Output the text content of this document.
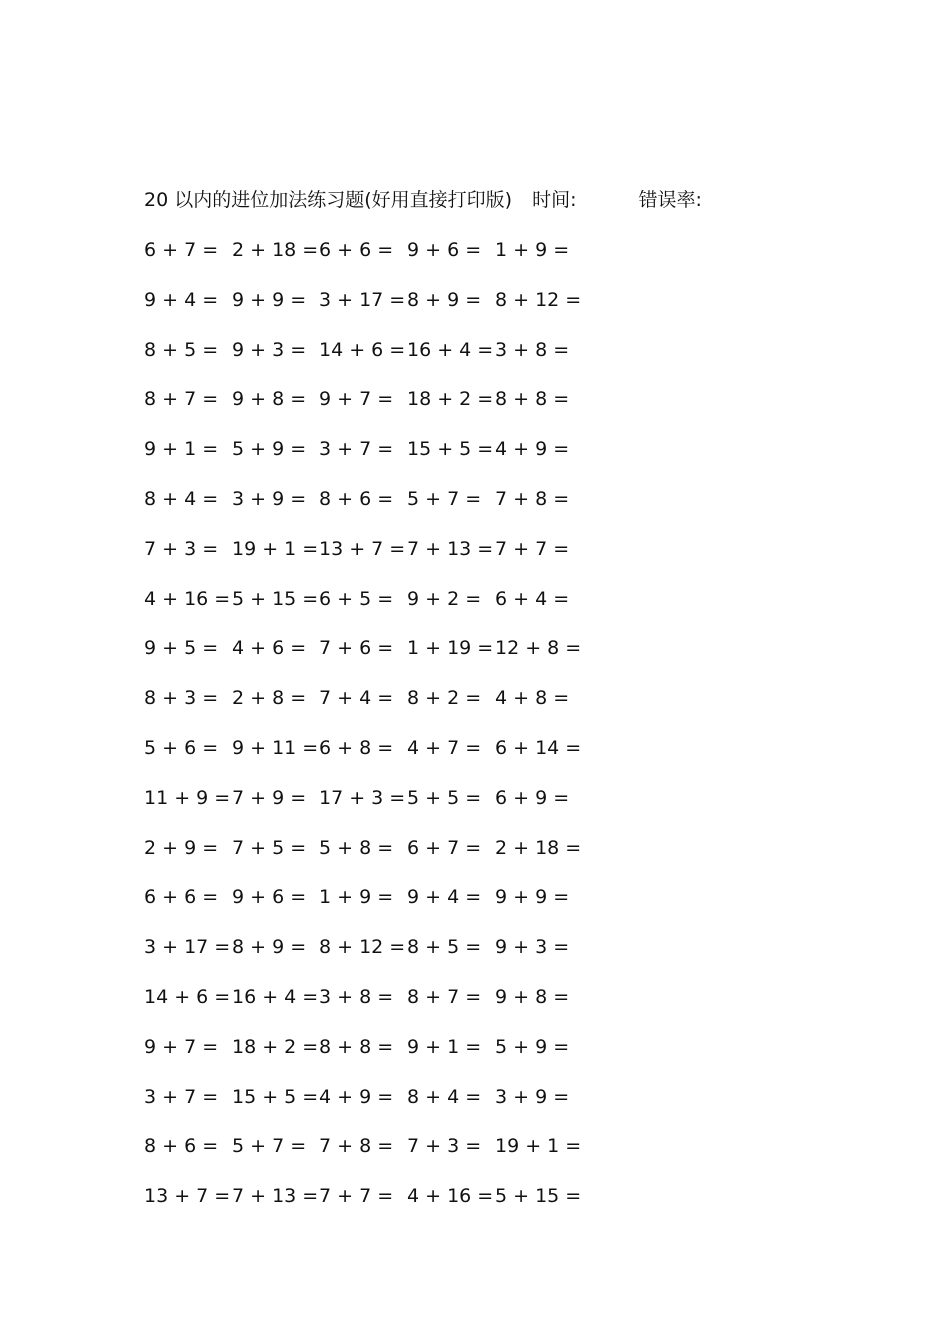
20 以内的进位加法练习题(好用直接打印版) 时间:	错误率:
6 + 7 = 2 + 18 = 6 + 6 = 9 + 6 = 1 + 9 =
9 + 4 = 9 + 9 = 3 + 17 = 8 + 9 = 8 + 12 =
8 + 5 = 9 + 3 = 14 + 6 = 16 + 4 = 3 + 8 =
8 + 7 = 9 + 8 = 9 + 7 = 18 + 2 = 8 + 8 =
9 + 1 = 5 + 9 = 3 + 7 = 15 + 5 = 4 + 9 =
8 + 4 = 3 + 9 = 8 + 6 = 5 + 7 = 7 + 8 =
7 + 3 = 19 + 1 = 13 + 7 = 7 + 13 = 7 + 7 =
4 + 16 = 5 + 15 = 6 + 5 = 9 + 2 = 6 + 4 =
9 + 5 = 4 + 6 = 7 + 6 = 1 + 19 = 12 + 8 =
8 + 3 = 2 + 8 = 7 + 4 = 8 + 2 = 4 + 8 =
5 + 6 = 9 + 11 = 6 + 8 = 4 + 7 = 6 + 14 =
11 + 9 = 7 + 9 = 17 + 3 = 5 + 5 = 6 + 9 =
2 + 9 = 7 + 5 = 5 + 8 = 6 + 7 = 2 + 18 =
6 + 6 = 9 + 6 = 1 + 9 = 9 + 4 = 9 + 9 =
3 + 17 = 8 + 9 = 8 + 12 = 8 + 5 = 9 + 3 =
14 + 6 = 16 + 4 = 3 + 8 = 8 + 7 = 9 + 8 =
9 + 7 = 18 + 2 = 8 + 8 = 9 + 1 = 5 + 9 =
3 + 7 = 15 + 5 = 4 + 9 = 8 + 4 = 3 + 9 =
8 + 6 = 5 + 7 = 7 + 8 = 7 + 3 = 19 + 1 =
13 + 7 = 7 + 13 = 7 + 7 = 4 + 16 = 5 + 15 =
